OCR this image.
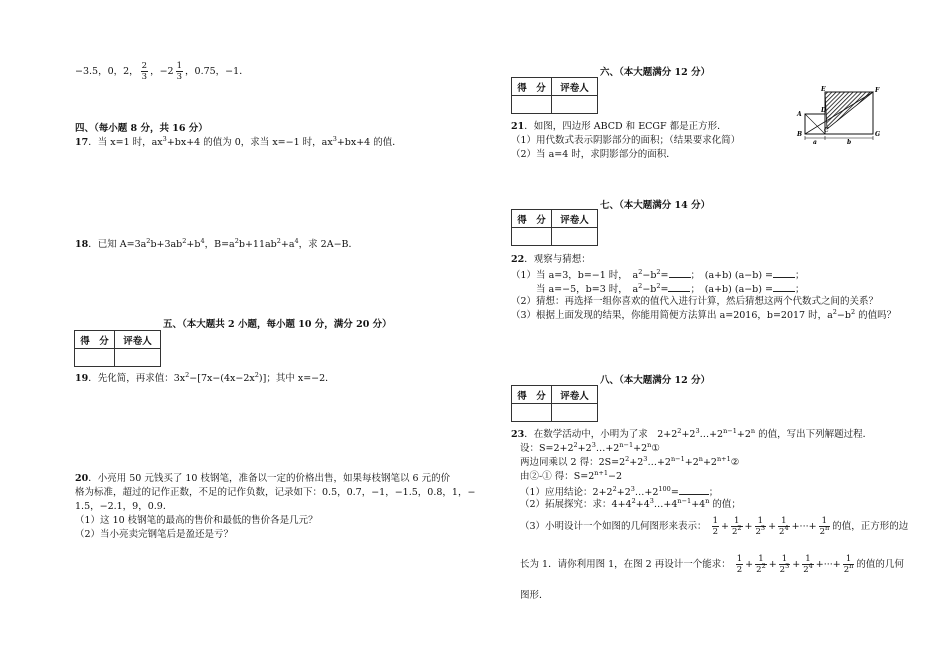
−3.5，0，2， $\frac{2}{3}$ ，$-2 \frac{1}{3}$ ，0.75，−1．
四、（每小题 8 分，共 16 分）
17．当 x=1 时，$ax^3+bx+4$ 的值为 0，求当 x=−1 时，$ax^3+bx+4$ 的值．
18．已知 $A=3a^2b+3ab^2+b^4$，$B=a^2b+11ab^2+a^4$，求 2A−B．
五、（本大题共 2 小题，每小题 10 分，满分 20 分）
得　分	评卷人

19．先化简，再求值：$3x^2-[7x-(4x-2x^2)]$；其中 x=−2．
20．小亮用 50 元钱买了 10 枝钢笔，准备以一定的价格出售，如果每枝钢笔以 6 元的价
格为标准，超过的记作正数，不足的记作负数，记录如下：0.5，0.7，−1，−1.5，0.8，1，−
1.5，−2.1，9，0.9．
（1）这 10 枝钢笔的最高的售价和最低的售价各是几元？
（2）当小亮卖完钢笔后是盈还是亏？
六、（本大题满分 12 分）
得　分	评卷人

21．如图，四边形 ABCD 和 ECGF 都是正方形．
（1）用代数式表示阴影部分的面积；（结果要求化简）
（2）当 a=4 时，求阴影部分的面积．
E	F
D
A
B
C
G
a	b
七、（本大题满分 14 分）
得　分	评卷人

22．观察与猜想：
（1）当 a=3，b=−1 时，　$a^2-b^2=$ ；　(a+b) (a−b) = ；
当 a=−5，b=3 时，　$a^2-b^2=$ ；　(a+b) (a−b) = ；
（2）猜想：再选择一组你喜欢的值代入进行计算，然后猜想这两个代数式之间的关系？
（3）根据上面发现的结果，你能用简便方法算出 a=2016，b=2017 时，$a^2-b^2$ 的值吗？
八、（本大题满分 12 分）
得　分	评卷人

23．在数学活动中，小明为了求　$2+2^2+2^3\dots+2^{n-1}+2^n$ 的值，写出下列解题过程．
设：$S=2+2^2+2^3\dots+2^{n-1}+2^n①$
两边同乘以 2 得：$2S=2^2+2^3\dots+2^{n-1}+2^n+2^{n+1}②$
由②-① 得：$S=2^{n+1}-2$
（1）应用结论：$2+2^2+2^3\dots+2^{100}=$	；
（2）拓展探究：求：$4+4^2+4^3\dots+4^{n-1}+4^n$ 的值；
（3）小明设计一个如图的几何图形来表示： $\frac{1}{2} + \frac{1}{2^2} + \frac{1}{2^3} + \frac{1}{2^4}$ +···+ $\frac{1}{2^n}$ 的值，正方形的边
长为 1．请你利用图 1，在图 2 再设计一个能求： $\frac{1}{2} + \frac{1}{2^2} + \frac{1}{2^3} + \frac{1}{2^4}$ +···+ $\frac{1}{2^n}$ 的值的几何
图形．
